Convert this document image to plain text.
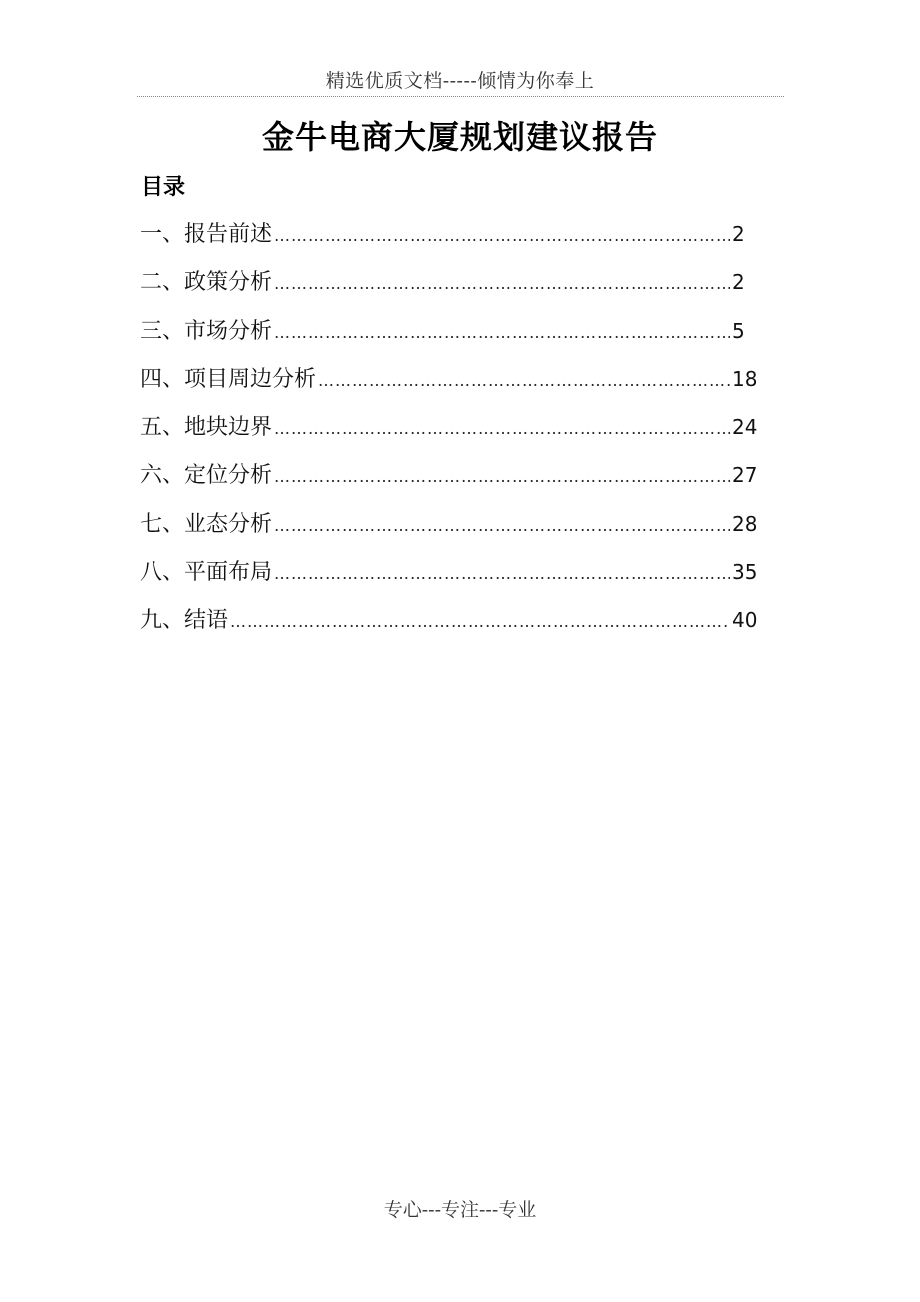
精选优质文档-----倾情为你奉上
金牛电商大厦规划建议报告
目录
一、报告前述 …………………………………………………………………………………………………………………………………………………	2
二、政策分析 …………………………………………………………………………………………………………………………………………………	2
三、市场分析 …………………………………………………………………………………………………………………………………………………	5
四、项目周边分析 …………………………………………………………………………………………………………………………………………………	18
五、地块边界 …………………………………………………………………………………………………………………………………………………	24
六、定位分析 …………………………………………………………………………………………………………………………………………………	27
七、业态分析 …………………………………………………………………………………………………………………………………………………	28
八、平面布局 …………………………………………………………………………………………………………………………………………………	35
九、结语 …………………………………………………………………………………………………………………………………………………	40
专心---专注---专业
